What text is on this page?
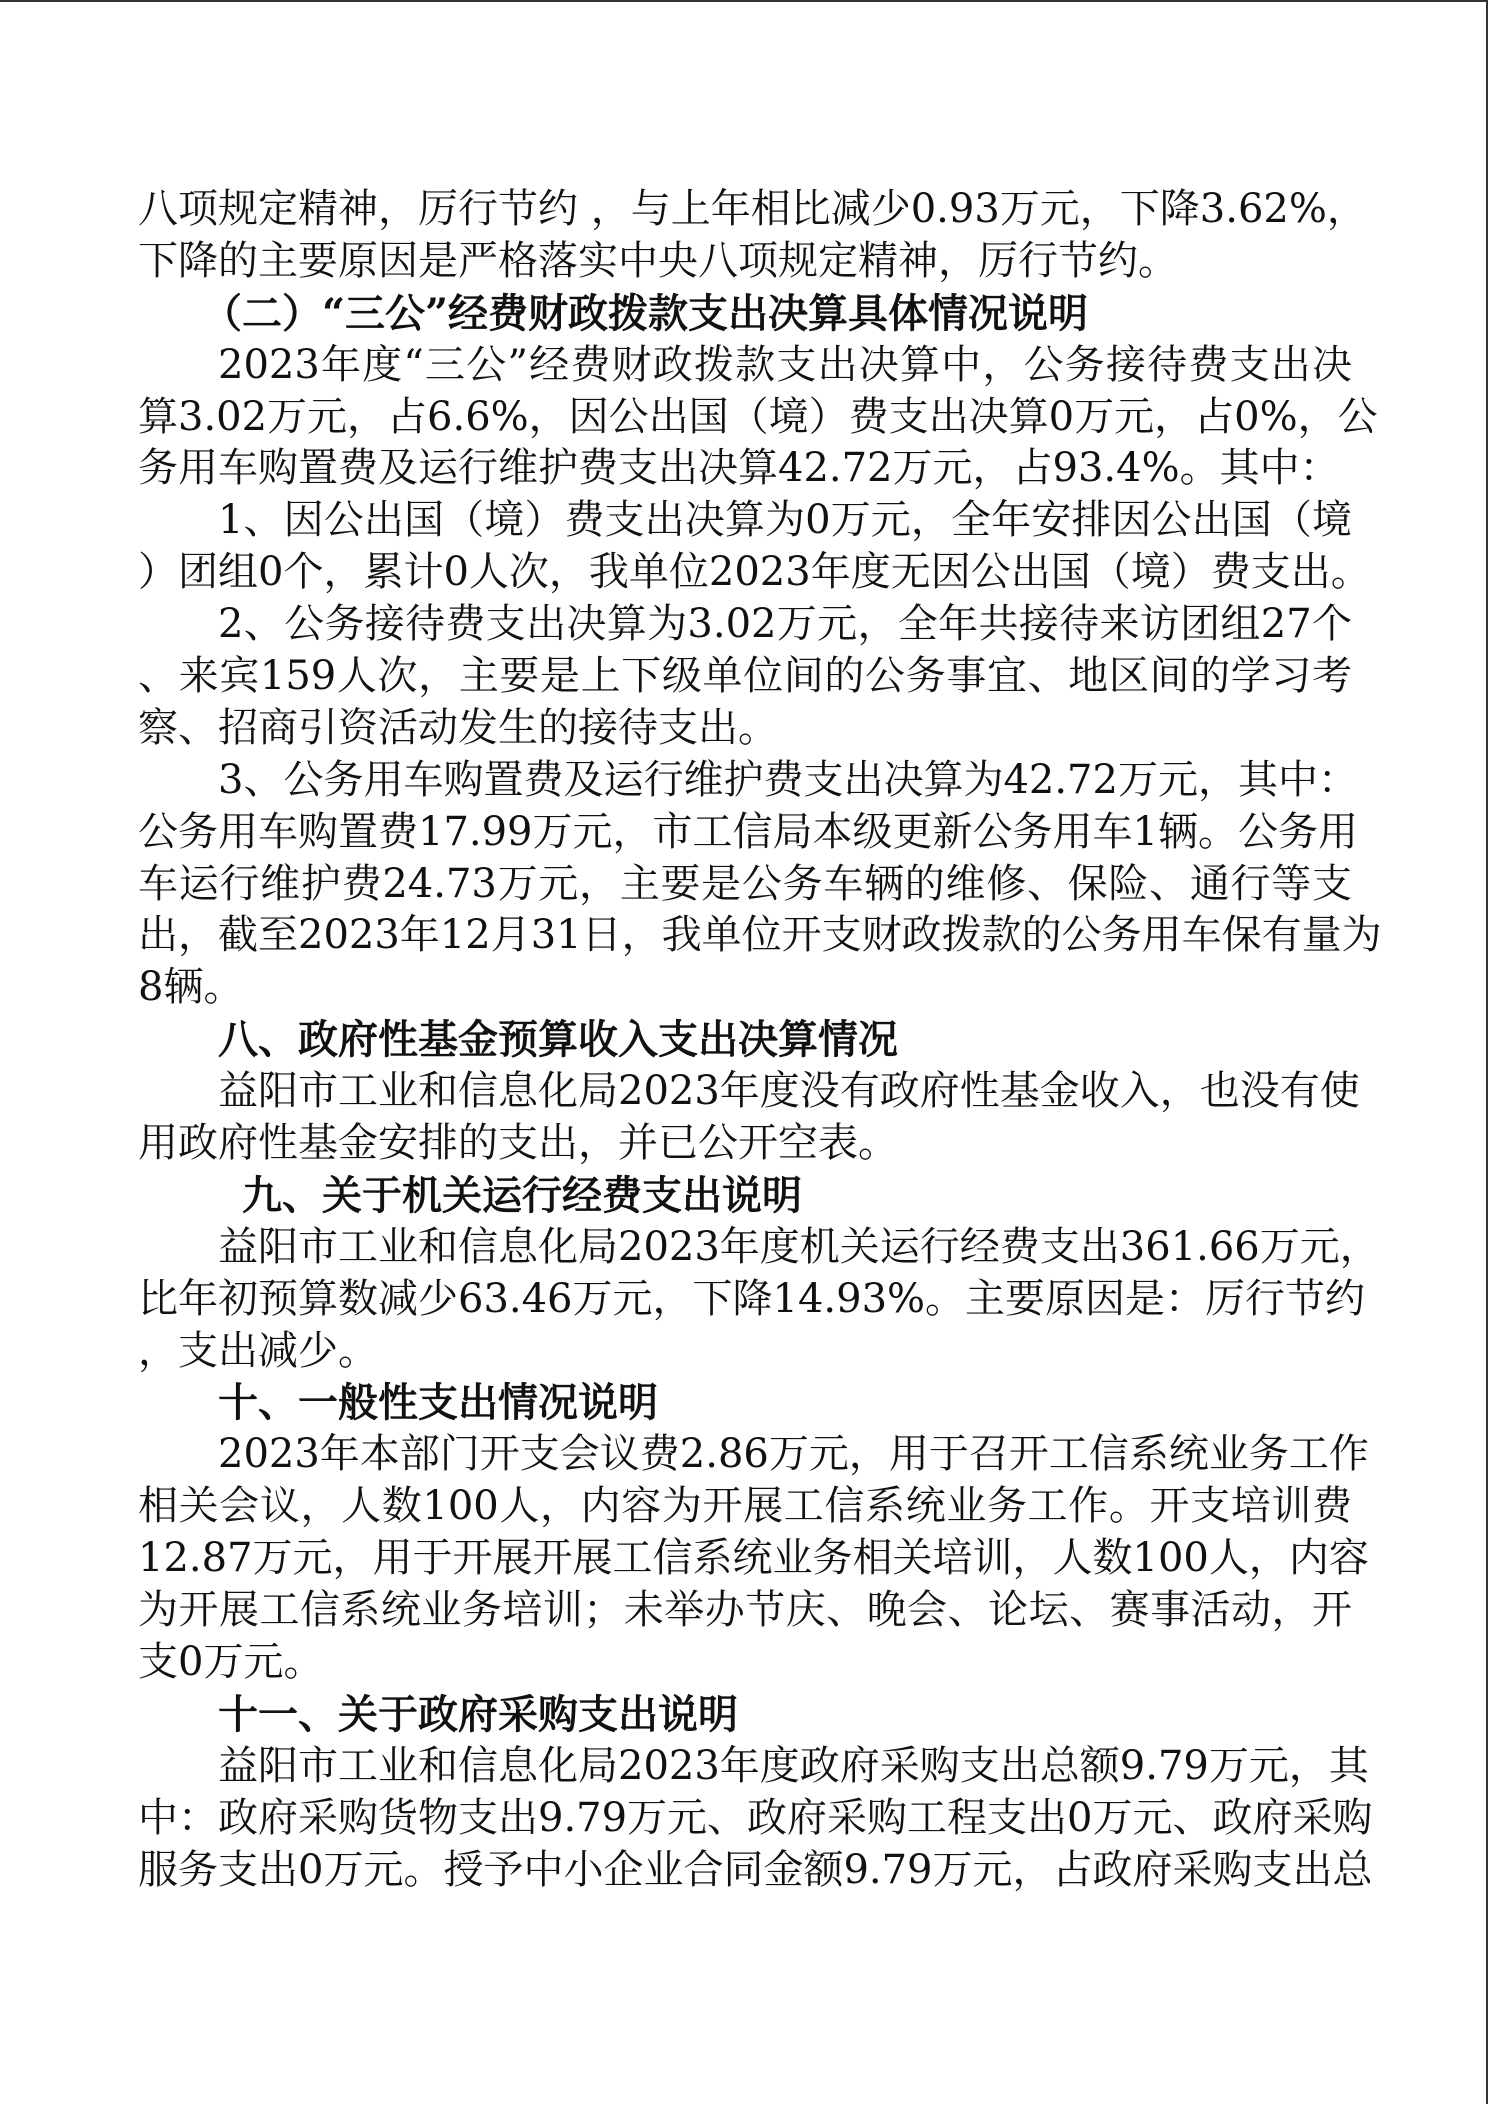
八项规定精神，厉行节约 ，与上年相比减少0.93万元，下降3.62%，
下降的主要原因是严格落实中央八项规定精神，厉行节约。
（二）“三公”经费财政拨款支出决算具体情况说明
2023年度“三公”经费财政拨款支出决算中，公务接待费支出决
算3.02万元，占6.6%，因公出国（境）费支出决算0万元，占0%，公
务用车购置费及运行维护费支出决算42.72万元，占93.4%。其中：
1、因公出国（境）费支出决算为0万元，全年安排因公出国（境
）团组0个，累计0人次，我单位2023年度无因公出国（境）费支出。
2、公务接待费支出决算为3.02万元，全年共接待来访团组27个
、来宾159人次，主要是上下级单位间的公务事宜、地区间的学习考
察、招商引资活动发生的接待支出。
3、公务用车购置费及运行维护费支出决算为42.72万元，其中：
公务用车购置费17.99万元，市工信局本级更新公务用车1辆。公务用
车运行维护费24.73万元，主要是公务车辆的维修、保险、通行等支
出，截至2023年12月31日，我单位开支财政拨款的公务用车保有量为
8辆。
八、政府性基金预算收入支出决算情况
益阳市工业和信息化局2023年度没有政府性基金收入，也没有使
用政府性基金安排的支出，并已公开空表。
九、关于机关运行经费支出说明
益阳市工业和信息化局2023年度机关运行经费支出361.66万元，
比年初预算数减少63.46万元，下降14.93%。主要原因是：厉行节约
，支出减少。
十、一般性支出情况说明
2023年本部门开支会议费2.86万元，用于召开工信系统业务工作
相关会议，人数100人，内容为开展工信系统业务工作。开支培训费
12.87万元，用于开展开展工信系统业务相关培训，人数100人，内容
为开展工信系统业务培训；未举办节庆、晚会、论坛、赛事活动，开
支0万元。
十一、关于政府采购支出说明
益阳市工业和信息化局2023年度政府采购支出总额9.79万元，其
中：政府采购货物支出9.79万元、政府采购工程支出0万元、政府采购
服务支出0万元。授予中小企业合同金额9.79万元，占政府采购支出总
